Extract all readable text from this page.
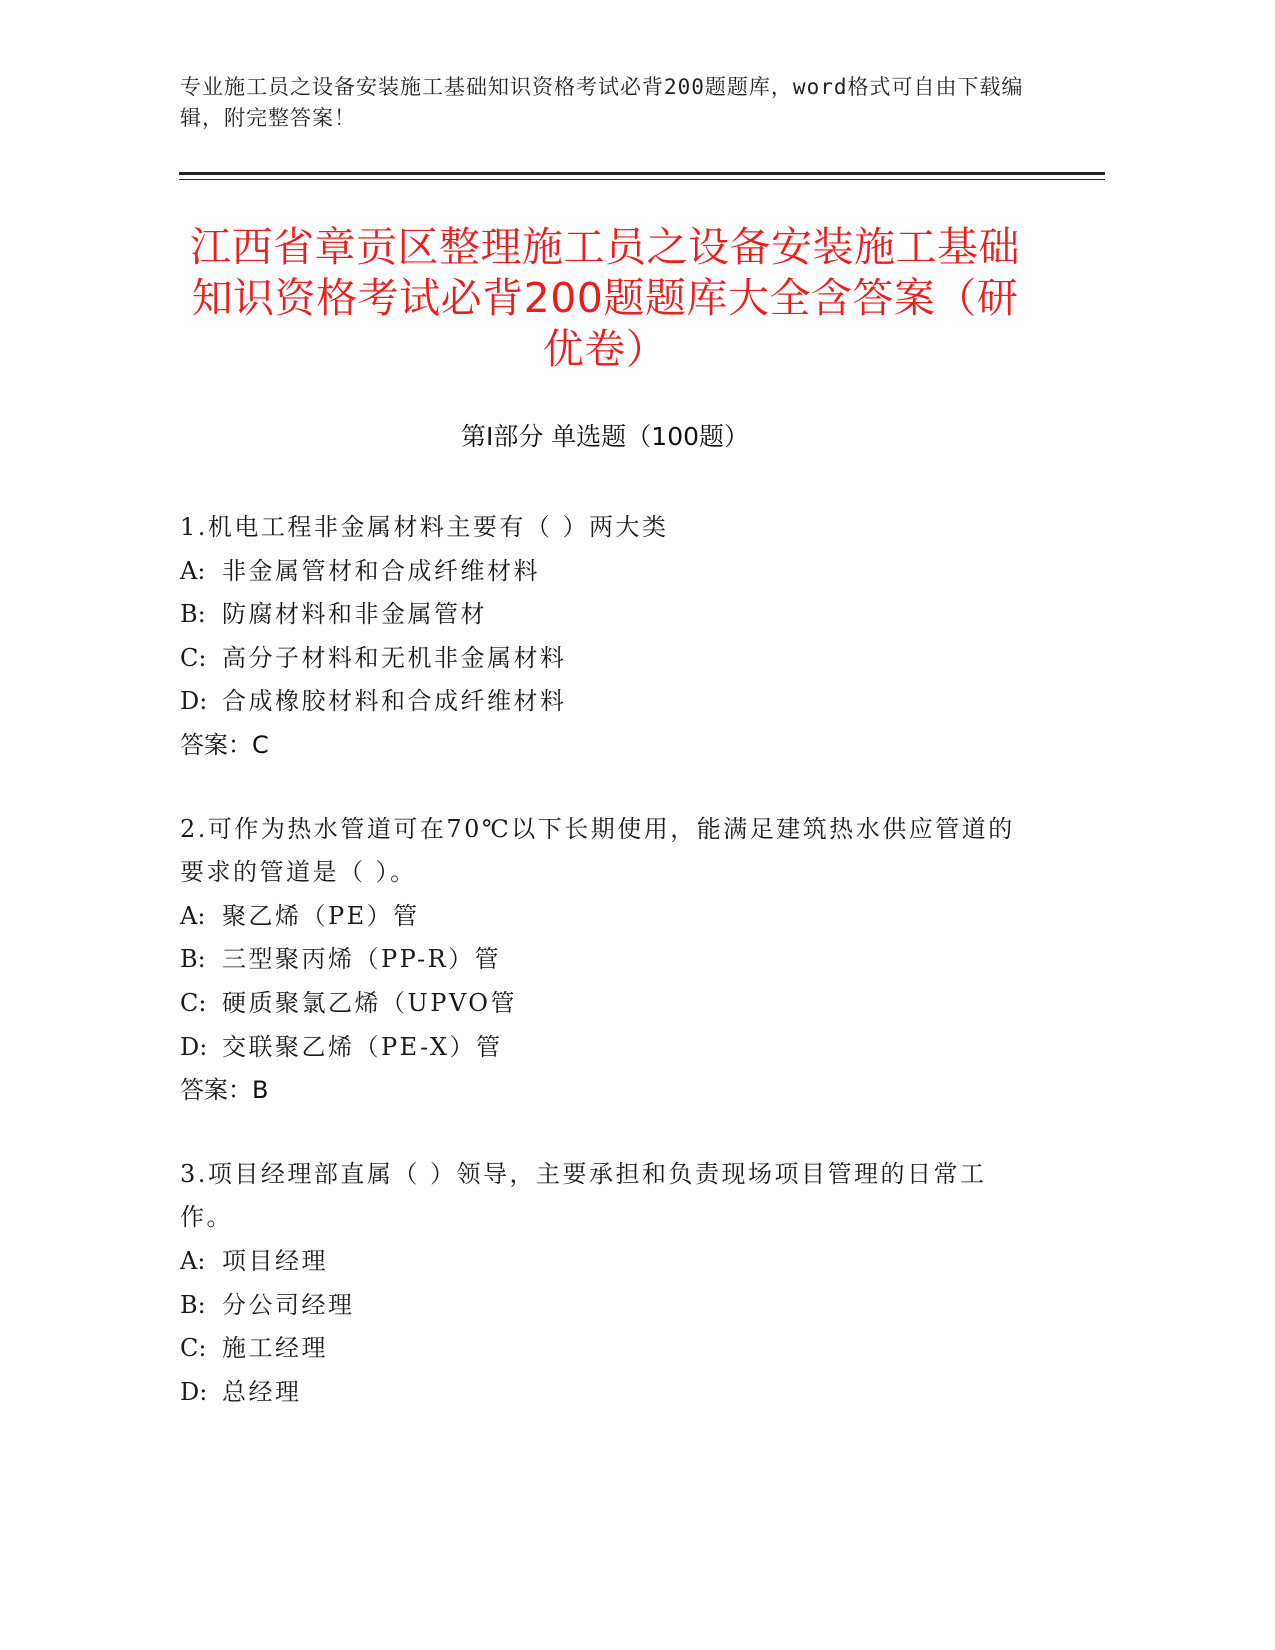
专业施工员之设备安装施工基础知识资格考试必背200题题库，word格式可自由下载编辑，附完整答案！
江西省章贡区整理施工员之设备安装施工基础知识资格考试必背200题题库大全含答案（研优卷）
第I部分 单选题（100题）
1.机电工程非金属材料主要有（ ）两大类
A: 非金属管材和合成纤维材料
B: 防腐材料和非金属管材
C: 高分子材料和无机非金属材料
D: 合成橡胶材料和合成纤维材料
答案：C
2.可作为热水管道可在70℃以下长期使用，能满足建筑热水供应管道的要求的管道是（ ）。
A: 聚乙烯（PE）管
B: 三型聚丙烯（PP-R）管
C: 硬质聚氯乙烯（UPVO管
D: 交联聚乙烯（PE-X）管
答案：B
3.项目经理部直属（ ）领导，主要承担和负责现场项目管理的日常工作。
A: 项目经理
B: 分公司经理
C: 施工经理
D: 总经理
